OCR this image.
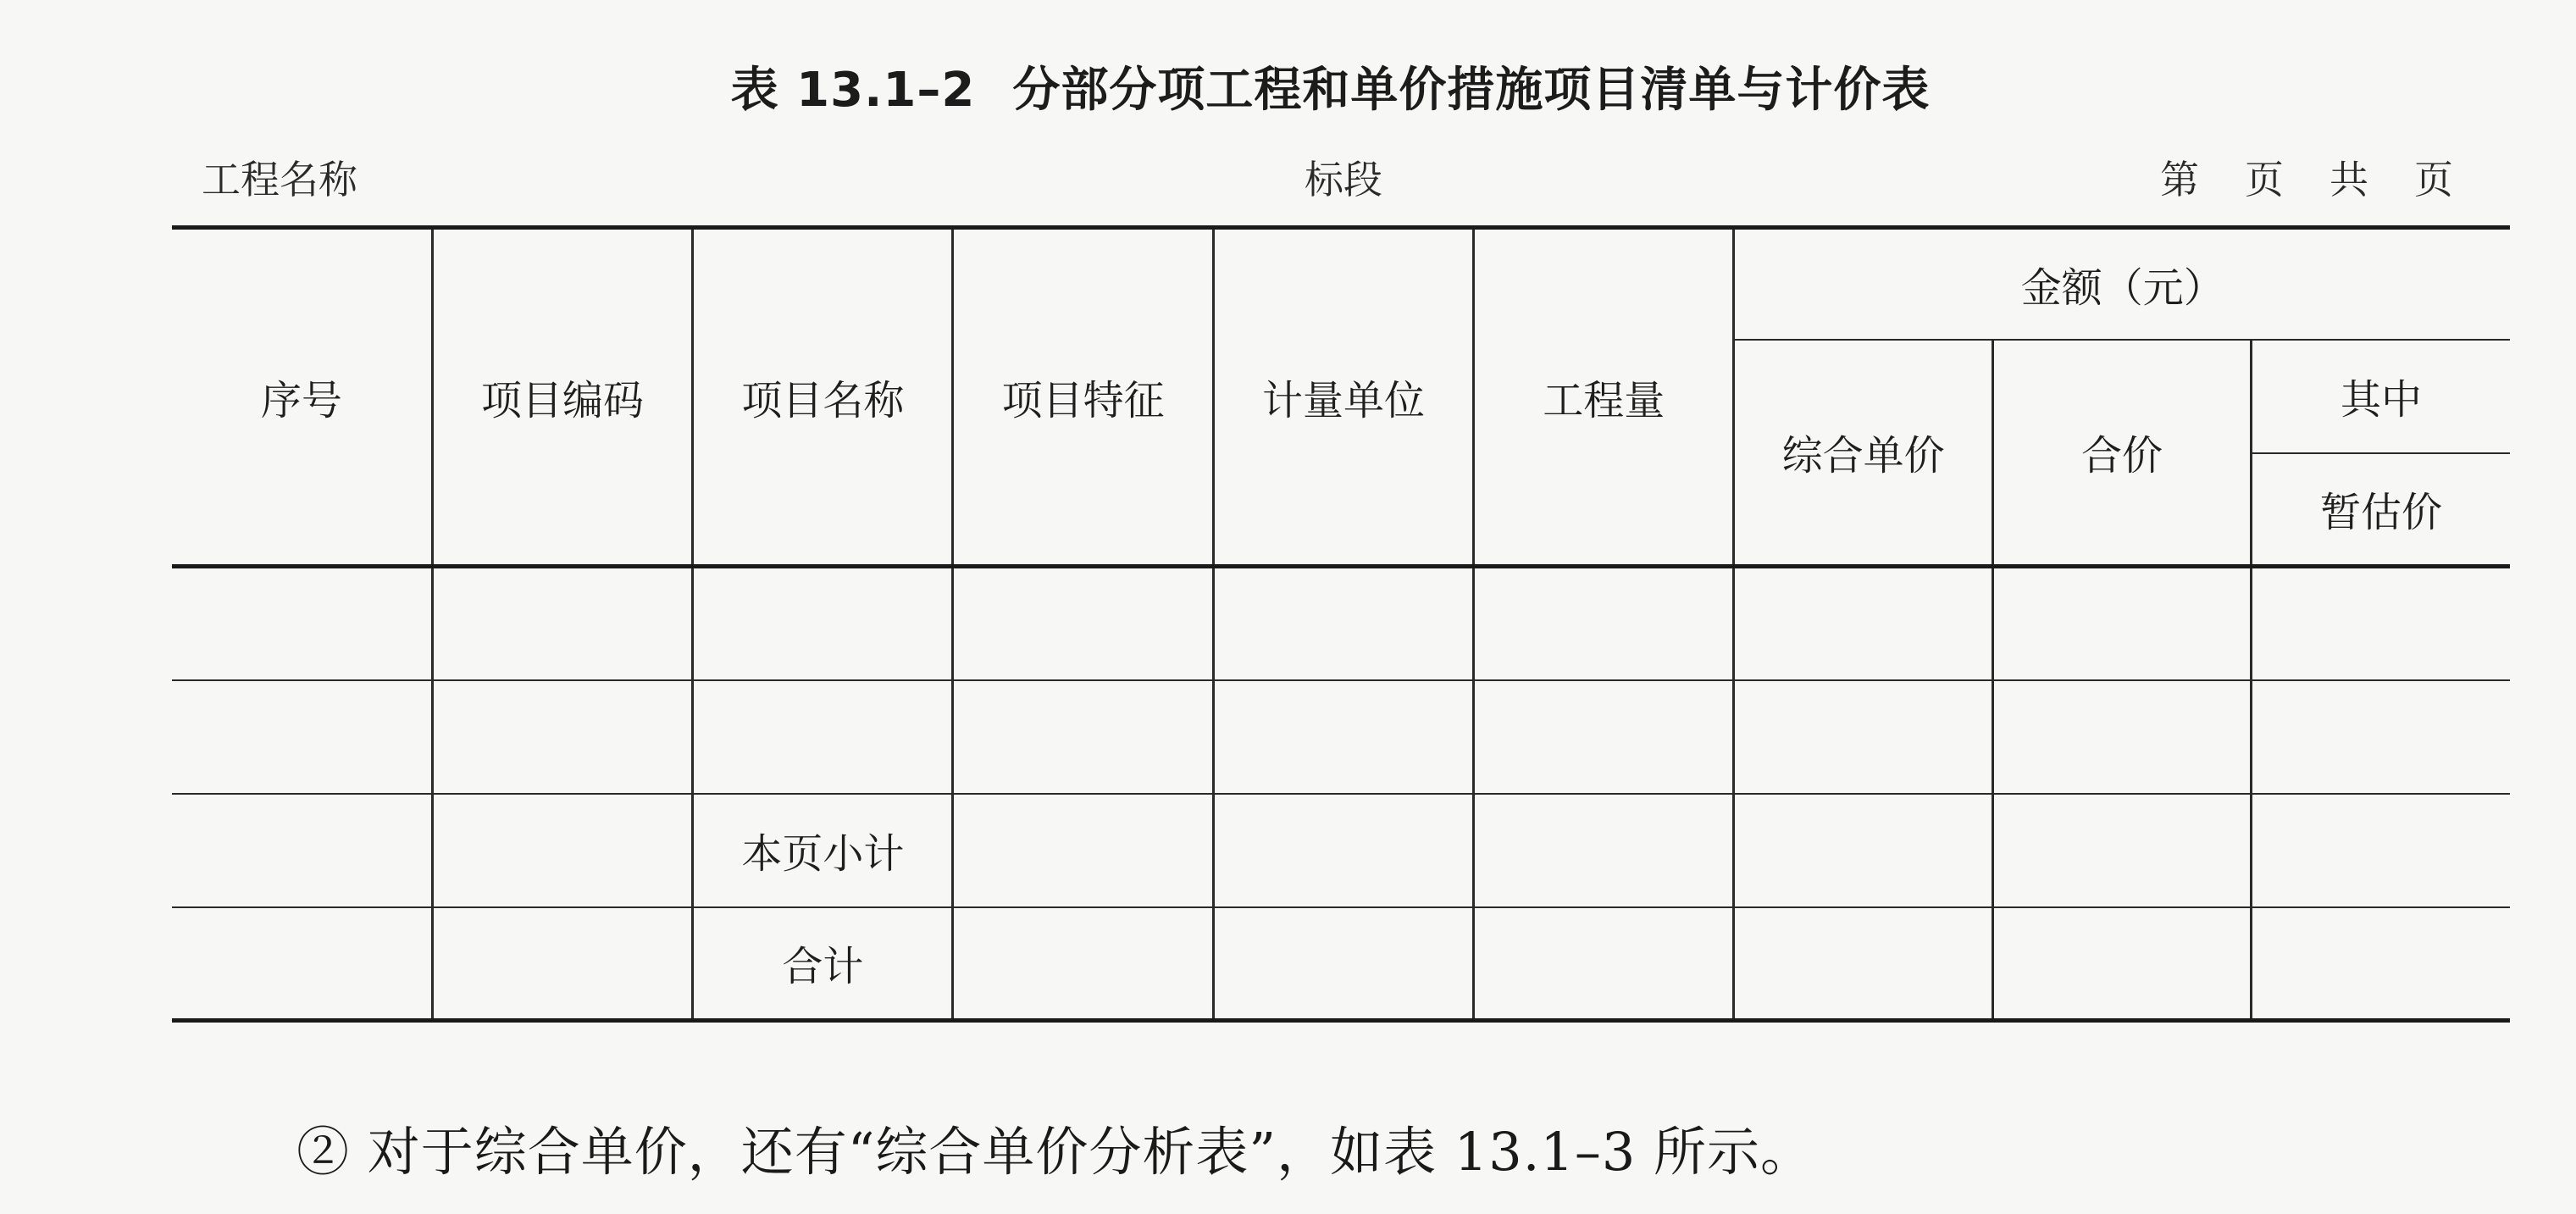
表 13.1–2 分部分项工程和单价措施项目清单与计价表
工程名称	标段	第 页 共 页
序号	项目编码	项目名称	项目特征	计量单位	工程量	金额（元）		
						综合单价	合价	其中
								暂估价

		本页小计						
		合计						
② 对于综合单价，还有“综合单价分析表”，如表 13.1–3 所示。
